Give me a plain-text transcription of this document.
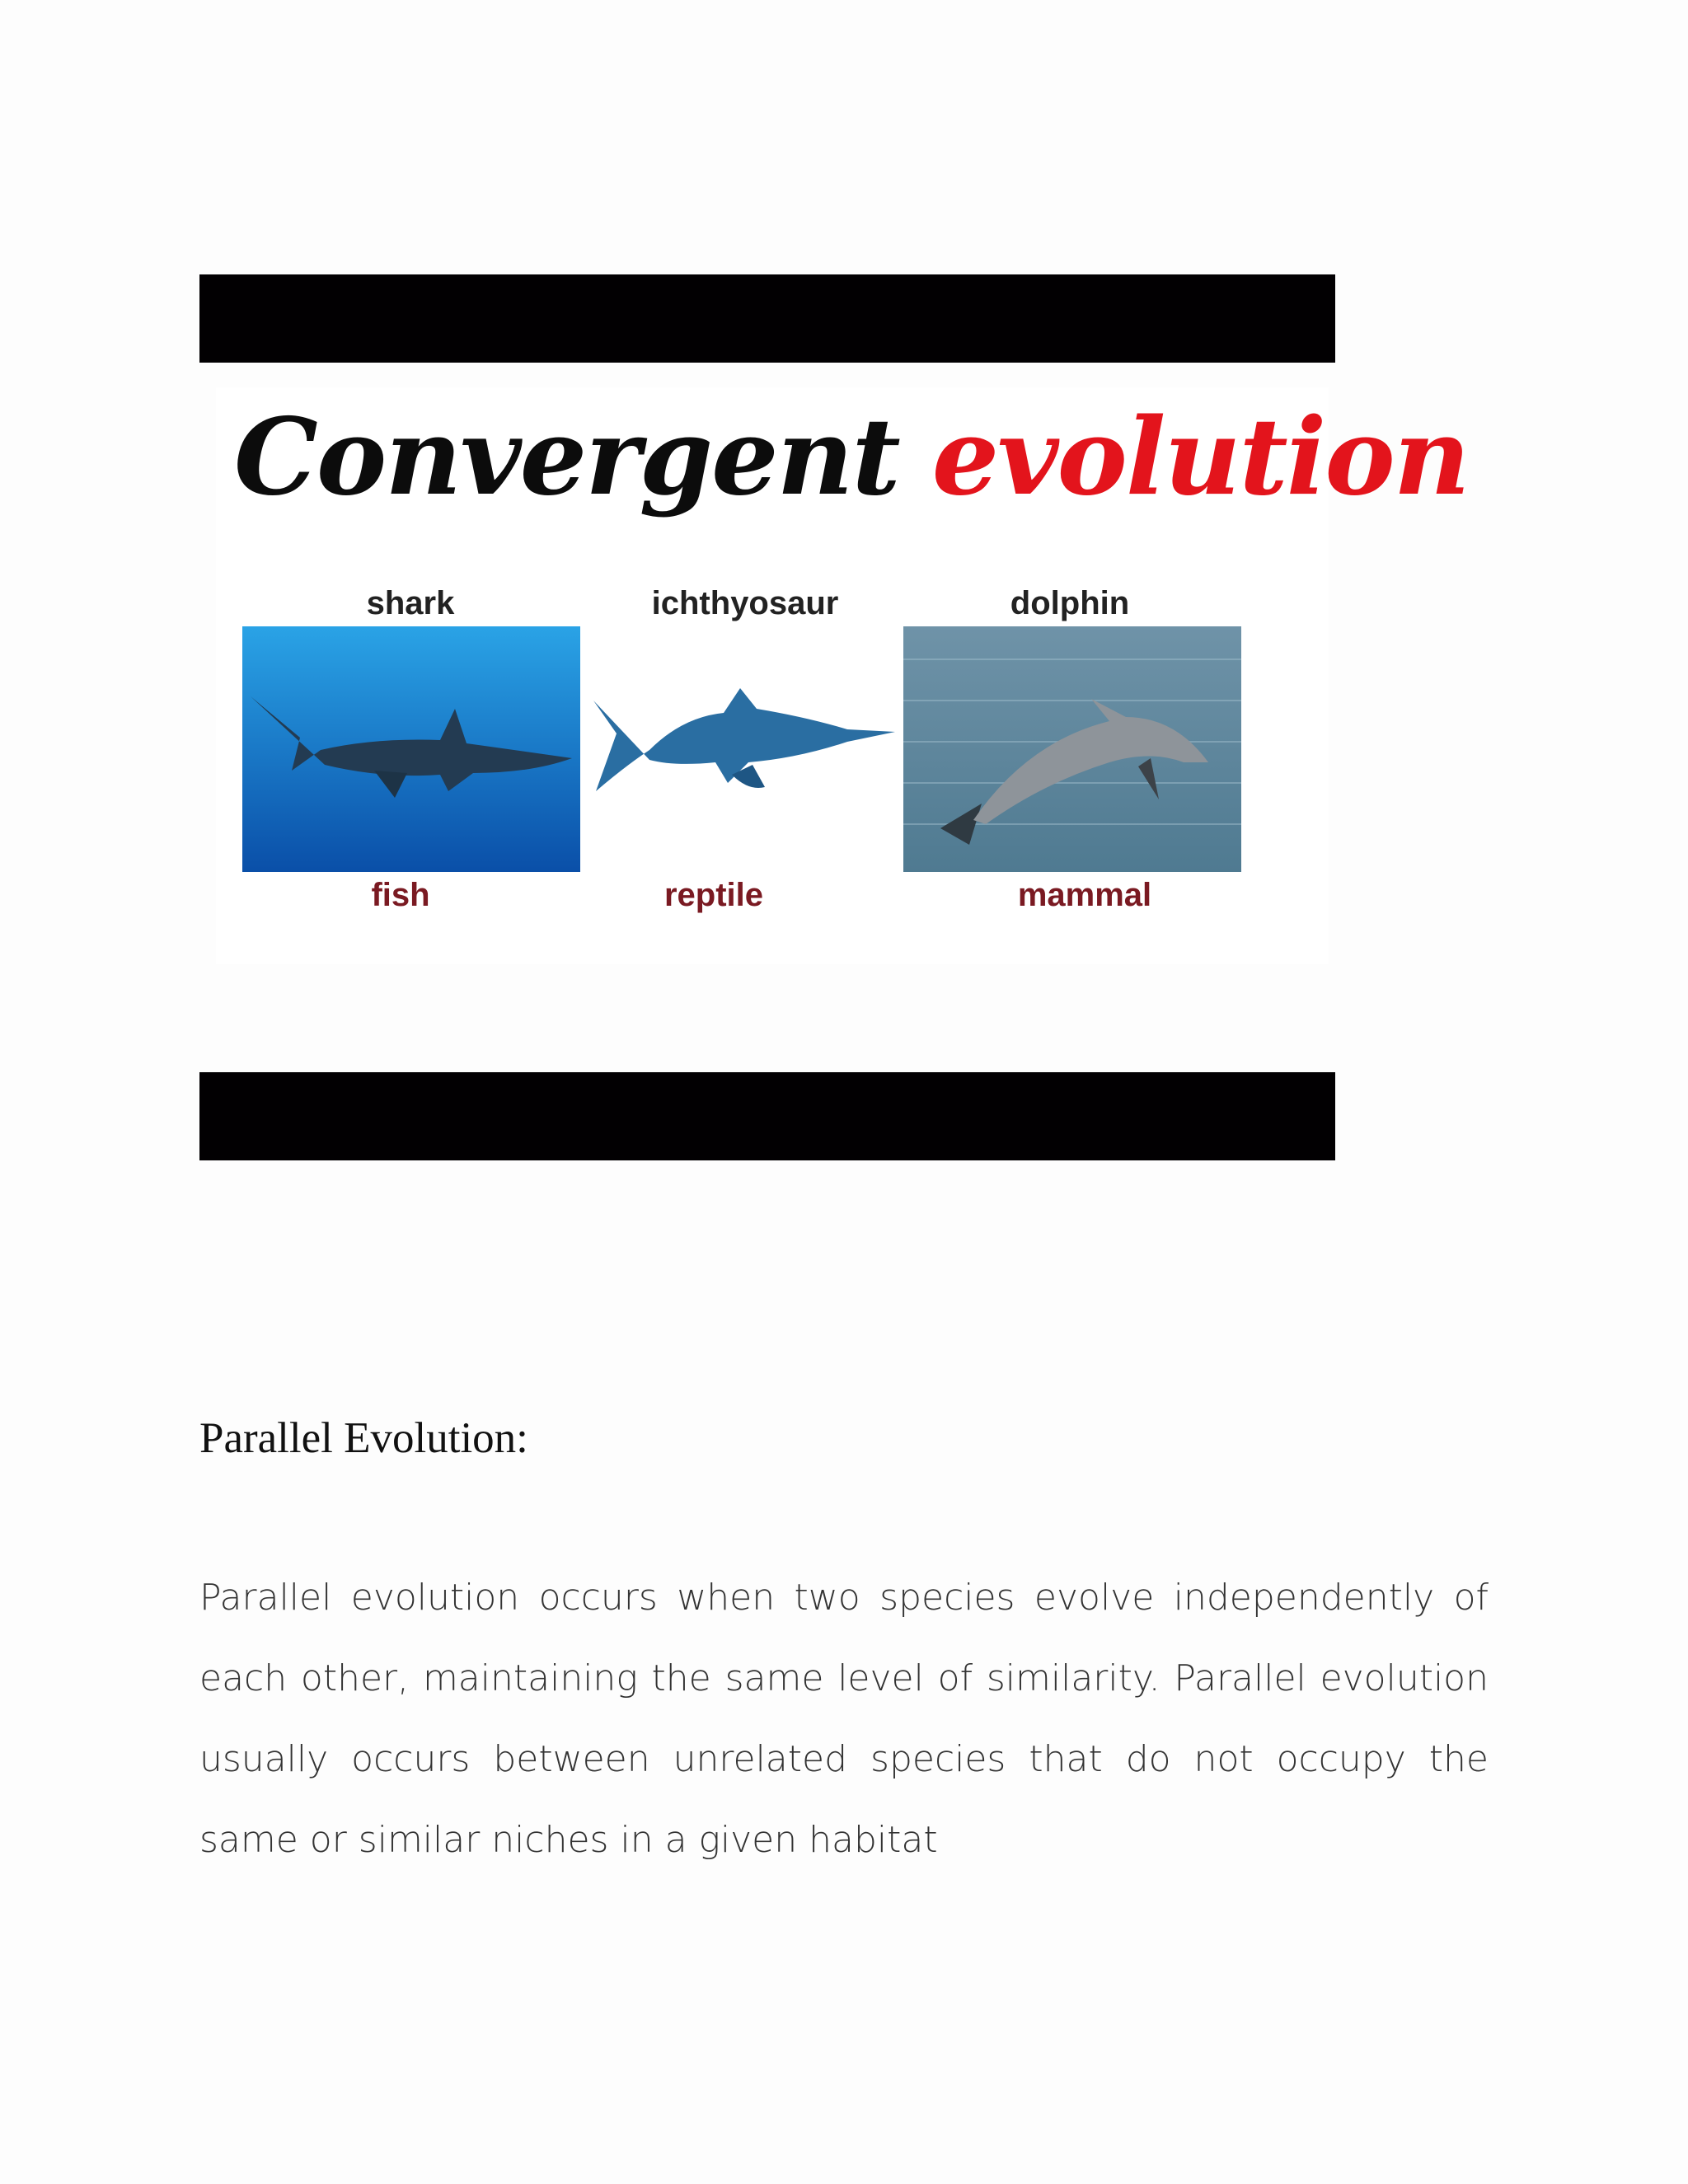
Convergent evolution
shark	ichthyosaur	dolphin
fish	reptile	mammal
Parallel Evolution:
Parallel evolution occurs when two species evolve independently of each other, maintaining the same level of similarity. Parallel evolution usually occurs between unrelated species that do not occupy the same or similar niches in a given habitat
